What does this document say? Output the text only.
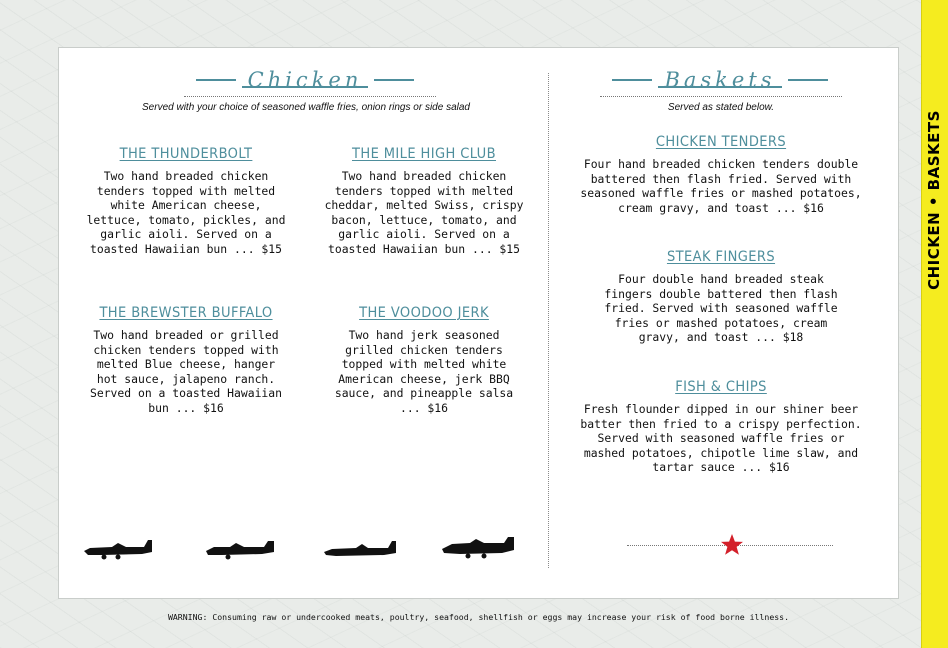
CHICKEN • BASKETS
Chicken
Served with your choice of seasoned waffle fries, onion rings or side salad
THE THUNDERBOLT
Two hand breaded chicken tenders topped with melted white American cheese, lettuce, tomato, pickles, and garlic aioli. Served on a toasted Hawaiian bun ... $15
THE MILE HIGH CLUB
Two hand breaded chicken tenders topped with melted cheddar, melted Swiss, crispy bacon, lettuce, tomato, and garlic aioli. Served on a toasted Hawaiian bun ... $15
THE BREWSTER BUFFALO
Two hand breaded or grilled chicken tenders topped with melted Blue cheese, hanger hot sauce, jalapeno ranch. Served on a toasted Hawaiian bun ... $16
THE VOODOO JERK
Two hand jerk seasoned grilled chicken tenders topped with melted white American cheese, jerk BBQ sauce, and pineapple salsa ... $16
Baskets
Served as stated below.
CHICKEN TENDERS
Four hand breaded chicken tenders double battered then flash fried. Served with seasoned waffle fries or mashed potatoes, cream gravy, and toast ... $16
STEAK FINGERS
Four double hand breaded steak fingers double battered then flash fried. Served with seasoned waffle fries or mashed potatoes, cream gravy, and toast ... $18
FISH & CHIPS
Fresh flounder dipped in our shiner beer batter then fried to a crispy perfection. Served with seasoned waffle fries or mashed potatoes, chipotle lime slaw, and tartar sauce ... $16
WARNING: Consuming raw or undercooked meats, poultry, seafood, shellfish or eggs may increase your risk of food borne illness.
